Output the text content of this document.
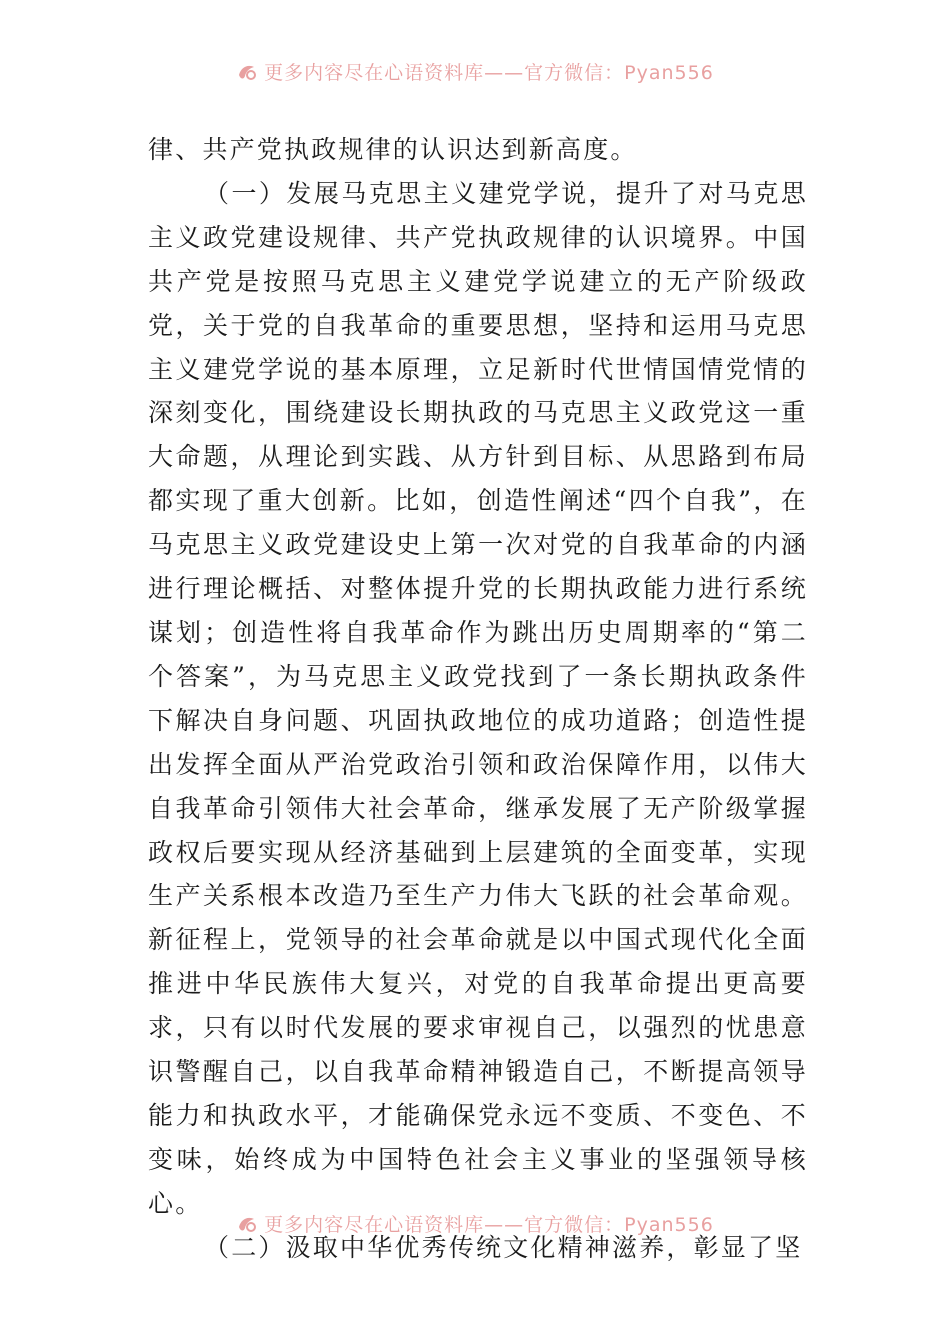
更多内容尽在心语资料库——官方微信：Pyan556

律、共产党执政规律的认识达到新高度。

（一）发展马克思主义建党学说，提升了对马克思主义政党建设规律、共产党执政规律的认识境界。中国共产党是按照马克思主义建党学说建立的无产阶级政党，关于党的自我革命的重要思想，坚持和运用马克思主义建党学说的基本原理，立足新时代世情国情党情的深刻变化，围绕建设长期执政的马克思主义政党这一重大命题，从理论到实践、从方针到目标、从思路到布局都实现了重大创新。比如，创造性阐述“四个自我”，在马克思主义政党建设史上第一次对党的自我革命的内涵进行理论概括、对整体提升党的长期执政能力进行系统谋划；创造性将自我革命作为跳出历史周期率的“第二个答案”，为马克思主义政党找到了一条长期执政条件下解决自身问题、巩固执政地位的成功道路；创造性提出发挥全面从严治党政治引领和政治保障作用，以伟大自我革命引领伟大社会革命，继承发展了无产阶级掌握政权后要实现从经济基础到上层建筑的全面变革，实现生产关系根本改造乃至生产力伟大飞跃的社会革命观。新征程上，党领导的社会革命就是以中国式现代化全面推进中华民族伟大复兴，对党的自我革命提出更高要求，只有以时代发展的要求审视自己，以强烈的忧患意识警醒自己，以自我革命精神锻造自己，不断提高领导能力和执政水平，才能确保党永远不变质、不变色、不变味，始终成为中国特色社会主义事业的坚强领导核心。

（二）汲取中华优秀传统文化精神滋养，彰显了坚

更多内容尽在心语资料库——官方微信：Pyan556
